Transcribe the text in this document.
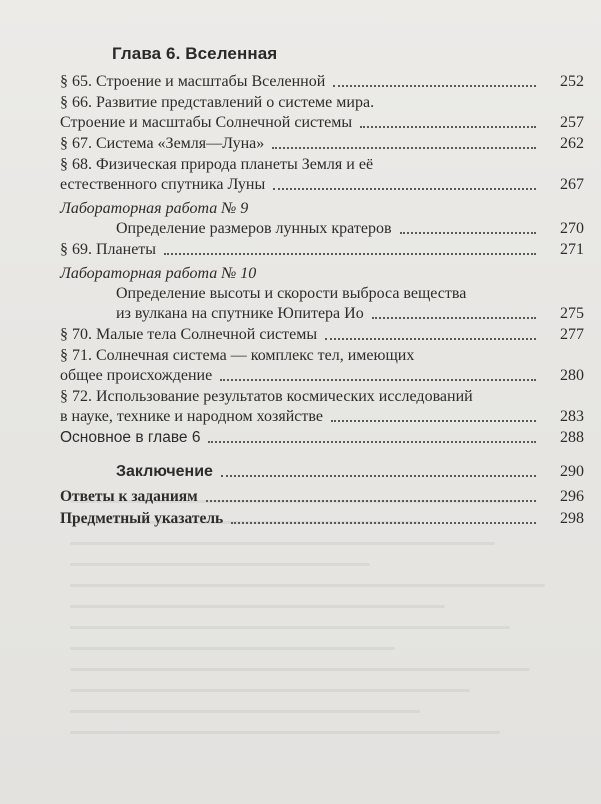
Глава 6. Вселенная
§ 65. Строение и масштабы Вселенной	252
§ 66. Развитие представлений о системе мира.
Строение и масштабы Солнечной системы	257
§ 67. Система «Земля—Луна»	262
§ 68. Физическая природа планеты Земля и её
естественного спутника Луны	267
Лабораторная работа № 9
Определение размеров лунных кратеров	270
§ 69. Планеты	271
Лабораторная работа № 10
Определение высоты и скорости выброса вещества
из вулкана на спутнике Юпитера Ио	275
§ 70. Малые тела Солнечной системы	277
§ 71. Солнечная система — комплекс тел, имеющих
общее происхождение	280
§ 72. Использование результатов космических исследований
в науке, технике и народном хозяйстве	283
Основное в главе 6	288
Заключение	290
Ответы к заданиям	296
Предметный указатель	298
